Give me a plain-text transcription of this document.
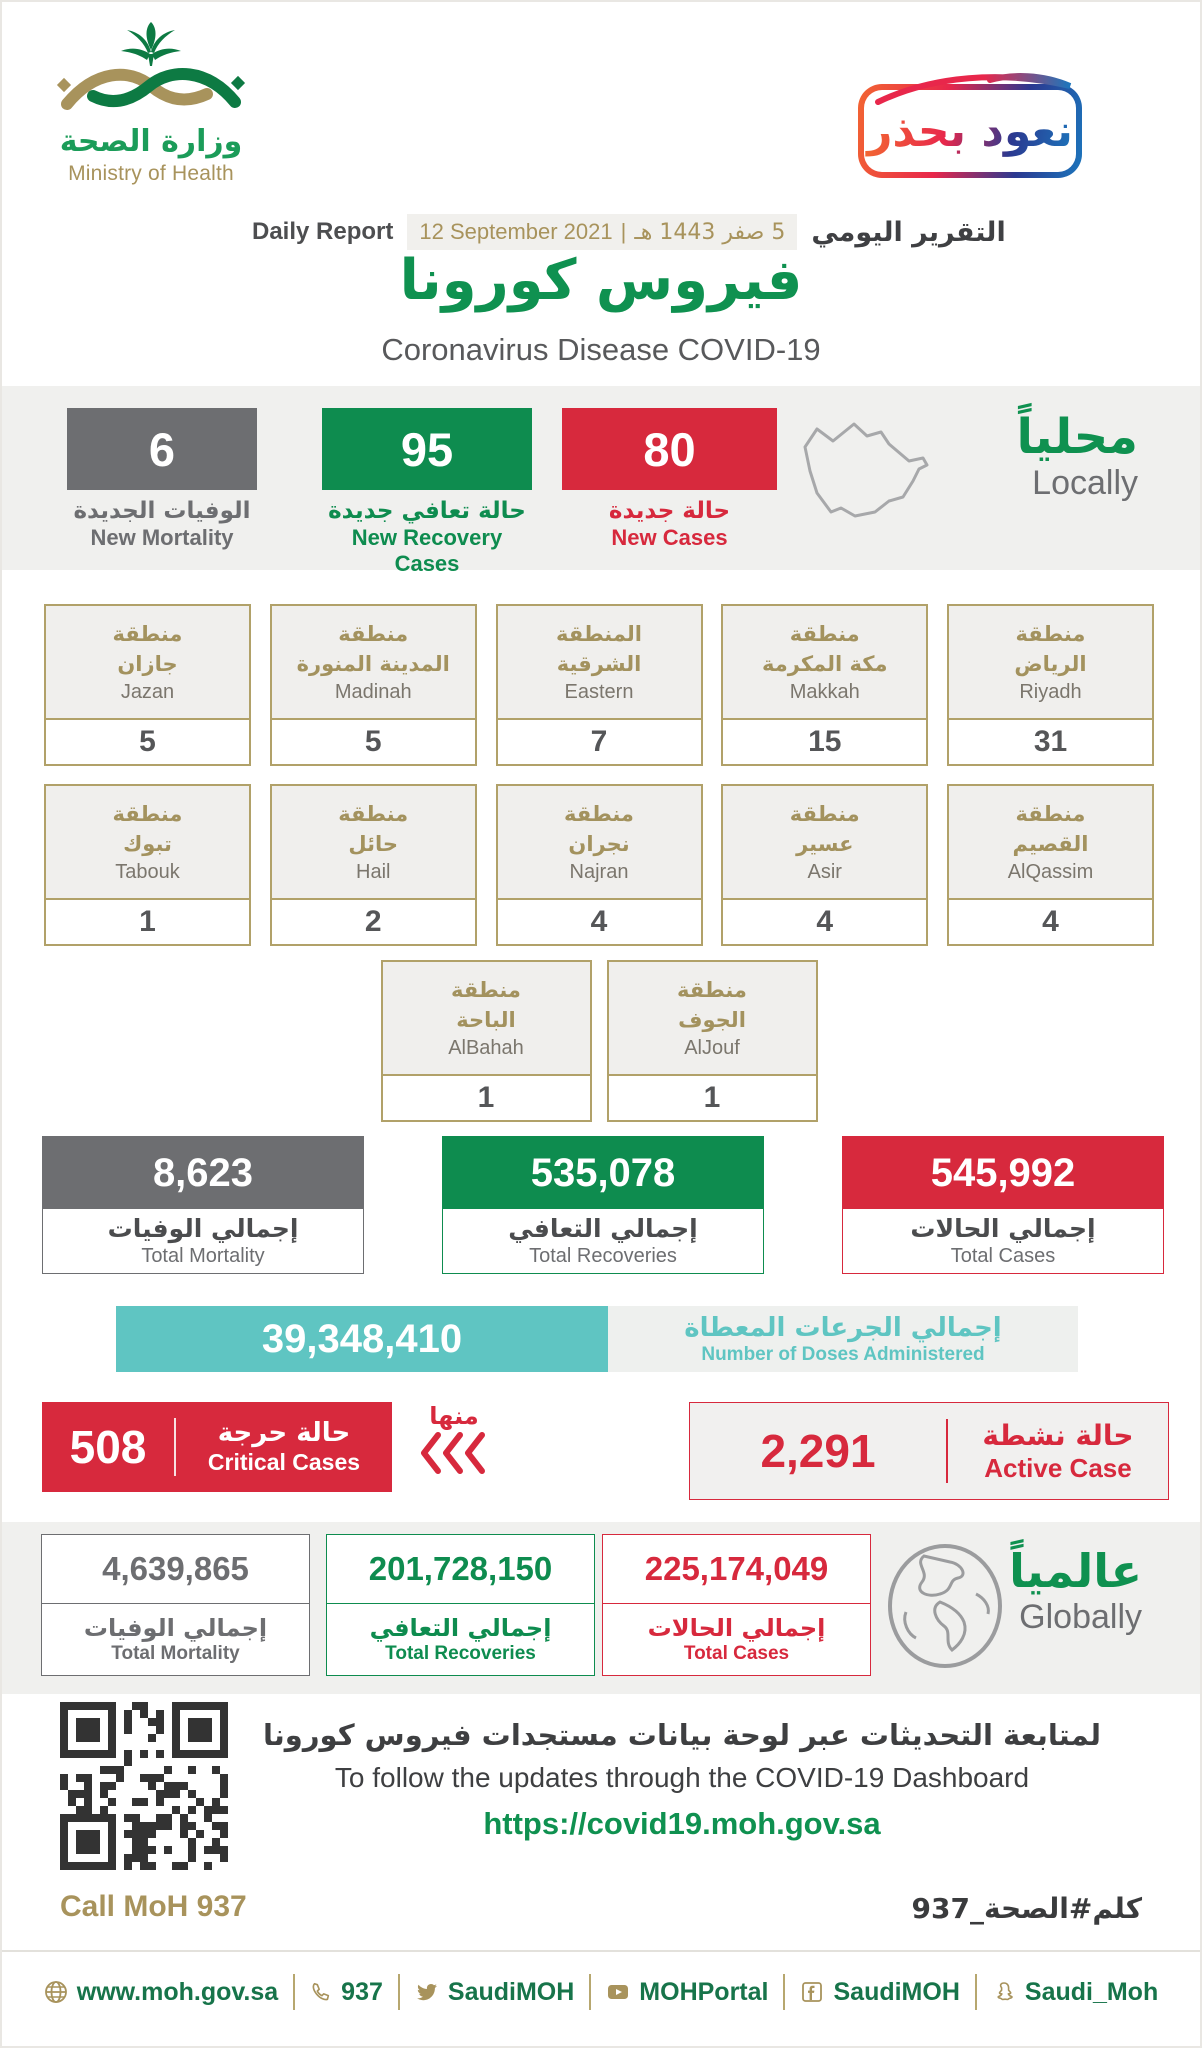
وزارة الصحة
Ministry of Health
نعود بحذر
Daily Report 12 September 2021 | 5 صفر 1443 هـ التقرير اليومي
فيروس كورونا
Coronavirus Disease COVID-19
6
الوفيات الجديدة
New Mortality
95
حالة تعافي جديدة
New Recovery Cases
80
حالة جديدة
New Cases
محلياً
Locally
منطقة
جازان
Jazan
5
منطقة
المدينة المنورة
Madinah
5
المنطقة
الشرقية
Eastern
7
منطقة
مكة المكرمة
Makkah
15
منطقة
الرياض
Riyadh
31
منطقة
تبوك
Tabouk
1
منطقة
حائل
Hail
2
منطقة
نجران
Najran
4
منطقة
عسير
Asir
4
منطقة
القصيم
AlQassim
4
منطقة
الباحة
AlBahah
1
منطقة
الجوف
AlJouf
1
8,623
إجمالي الوفيات
Total Mortality
535,078
إجمالي التعافي
Total Recoveries
545,992
إجمالي الحالات
Total Cases
39,348,410	إجمالي الجرعات المعطاة
Number of Doses Administered
508	حالة حرجة
Critical Cases
منها
2,291	حالة نشطة
Active Case
4,639,865
إجمالي الوفيات
Total Mortality
201,728,150
إجمالي التعافي
Total Recoveries
225,174,049
إجمالي الحالات
Total Cases
عالمياً
Globally
لمتابعة التحديثات عبر لوحة بيانات مستجدات فيروس كورونا
To follow the updates through the COVID-19 Dashboard
https://covid19.moh.gov.sa
Call MoH 937	كلم#الصحة_937
www.moh.gov.sa	937	SaudiMOH	MOHPortal	SaudiMOH	Saudi_Moh
